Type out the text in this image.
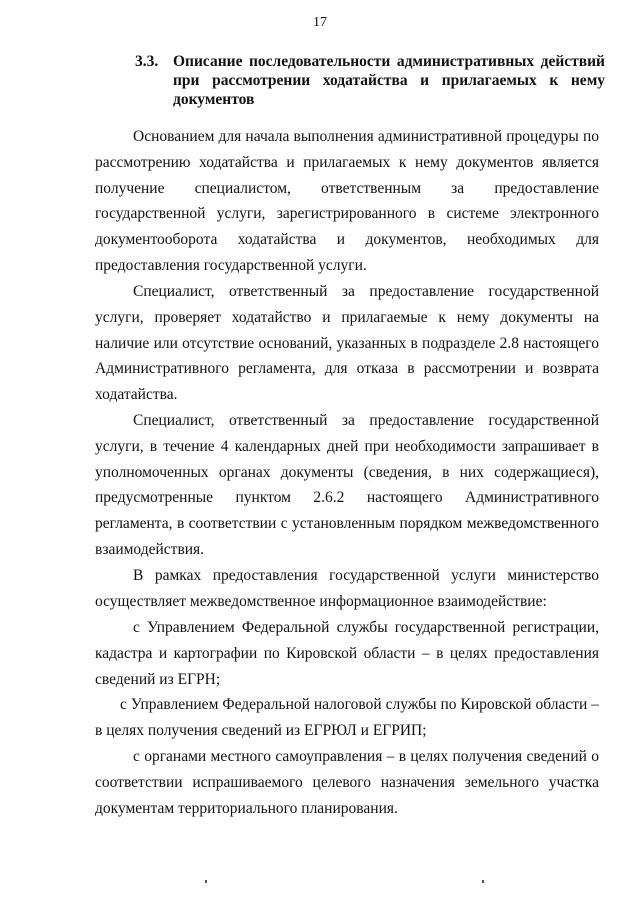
17
3.3. Описание последовательности административных действий при рассмотрении ходатайства и прилагаемых к нему документов
Основанием для начала выполнения административной процедуры по рассмотрению ходатайства и прилагаемых к нему документов является получение специалистом, ответственным за предоставление государственной услуги, зарегистрированного в системе электронного документооборота ходатайства и документов, необходимых для предоставления государственной услуги.
Специалист, ответственный за предоставление государственной услуги, проверяет ходатайство и прилагаемые к нему документы на наличие или отсутствие оснований, указанных в подразделе 2.8 настоящего Административного регламента, для отказа в рассмотрении и возврата ходатайства.
Специалист, ответственный за предоставление государственной услуги, в течение 4 календарных дней при необходимости запрашивает в уполномоченных органах документы (сведения, в них содержащиеся), предусмотренные пунктом 2.6.2 настоящего Административного регламента, в соответствии с установленным порядком межведомственного взаимодействия.
В рамках предоставления государственной услуги министерство осуществляет межведомственное информационное взаимодействие:
с Управлением Федеральной службы государственной регистрации, кадастра и картографии по Кировской области – в целях предоставления сведений из ЕГРН;
с Управлением Федеральной налоговой службы по Кировской области – в целях получения сведений из ЕГРЮЛ и ЕГРИП;
с органами местного самоуправления – в целях получения сведений о соответствии испрашиваемого целевого назначения земельного участка документам территориального планирования.
